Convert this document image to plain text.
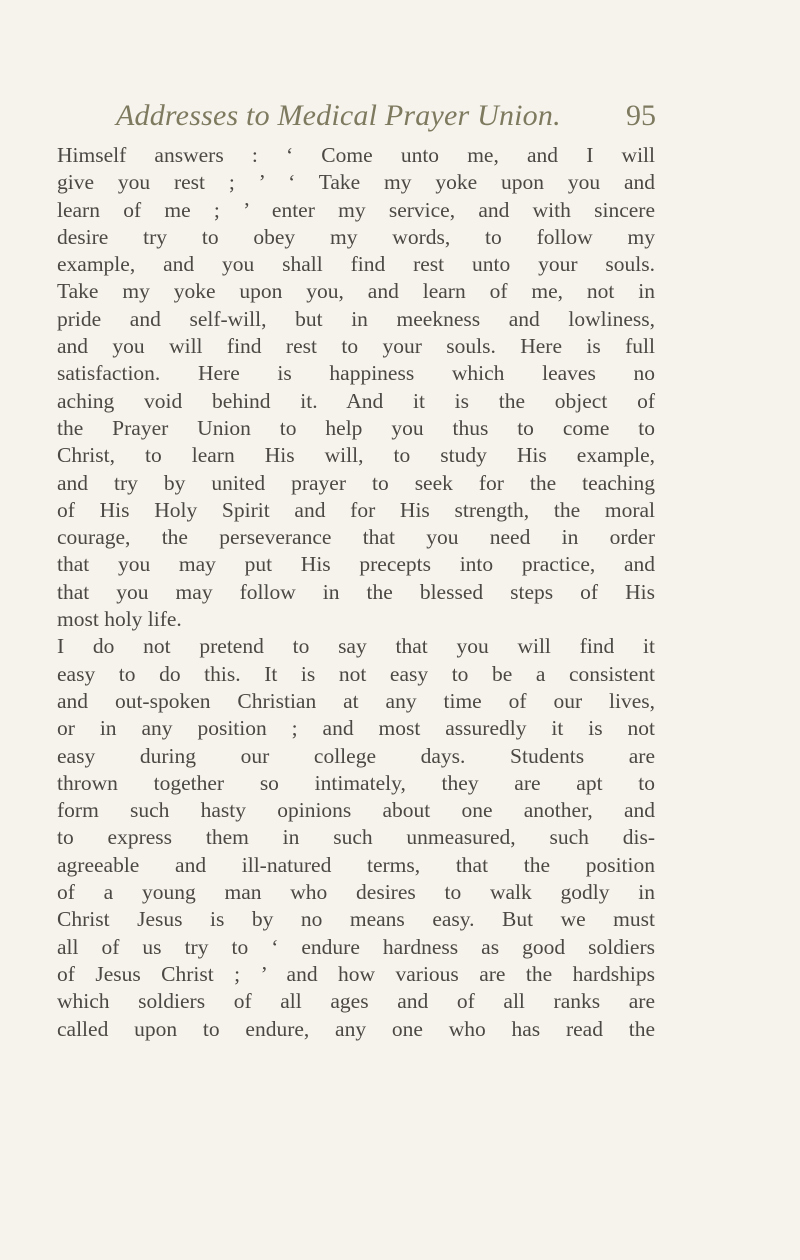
Addresses to Medical Prayer Union. 95
Himself answers : ‘ Come unto me, and I will
give you rest ; ’ ‘ Take my yoke upon you and
learn of me ; ’ enter my service, and with sincere
desire try to obey my words, to follow my
example, and you shall find rest unto your souls.
Take my yoke upon you, and learn of me, not in
pride and self-will, but in meekness and lowliness,
and you will find rest to your souls. Here is full
satisfaction. Here is happiness which leaves no
aching void behind it. And it is the object of
the Prayer Union to help you thus to come to
Christ, to learn His will, to study His example,
and try by united prayer to seek for the teaching
of His Holy Spirit and for His strength, the moral
courage, the perseverance that you need in order
that you may put His precepts into practice, and
that you may follow in the blessed steps of His
most holy life.
I do not pretend to say that you will find it
easy to do this. It is not easy to be a consistent
and out-spoken Christian at any time of our lives,
or in any position ; and most assuredly it is not
easy during our college days. Students are
thrown together so intimately, they are apt to
form such hasty opinions about one another, and
to express them in such unmeasured, such dis-
agreeable and ill-natured terms, that the position
of a young man who desires to walk godly in
Christ Jesus is by no means easy. But we must
all of us try to ‘ endure hardness as good soldiers
of Jesus Christ ; ’ and how various are the hardships
which soldiers of all ages and of all ranks are
called upon to endure, any one who has read the
